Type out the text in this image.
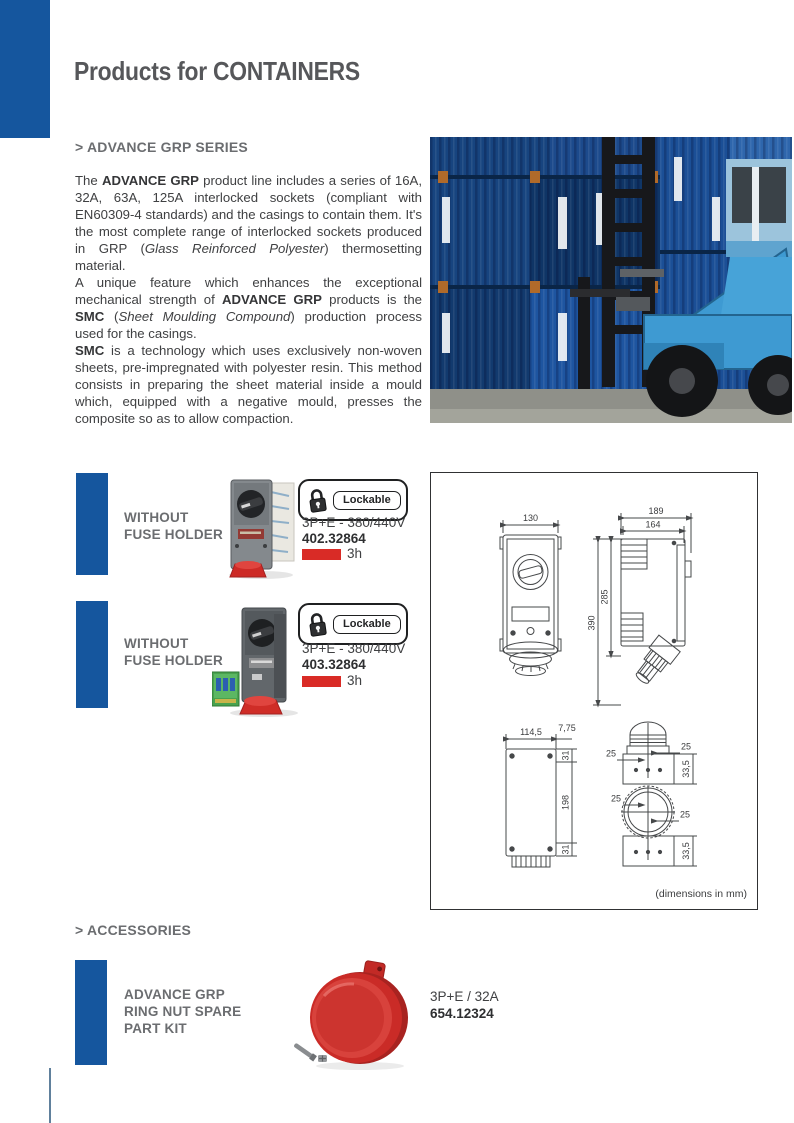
Products for CONTAINERS
> ADVANCE GRP SERIES

The ADVANCE GRP product line includes a series of 16A, 32A, 63A, 125A interlocked sockets (compliant with EN60309-4 standards) and the casings to contain them. It's the most complete range of interlocked sockets produced in GRP (Glass Reinforced Polyester) thermosetting material.

A unique feature which enhances the exceptional mechanical strength of ADVANCE GRP products is the SMC (Sheet Moulding Compound) production process used for the casings.

SMC is a technology which uses exclusively non-woven sheets, pre-impregnated with polyester resin. This method consists in preparing the sheet material inside a mould which, equipped with a negative mould, presses the composite so as to allow compaction.

WITHOUT
FUSE HOLDER
Lockable
3P+E - 380/440V
402.32864
3h
WITHOUT
FUSE HOLDER
Lockable
3P+E - 380/440V
403.32864
3h
130
189
164
285
390
114,5 7,75
31
198
31
25
25
33,5
25
25
33,5
(dimensions in mm)
> ACCESSORIES
ADVANCE GRP
RING NUT SPARE
PART KIT
3P+E / 32A
654.12324
